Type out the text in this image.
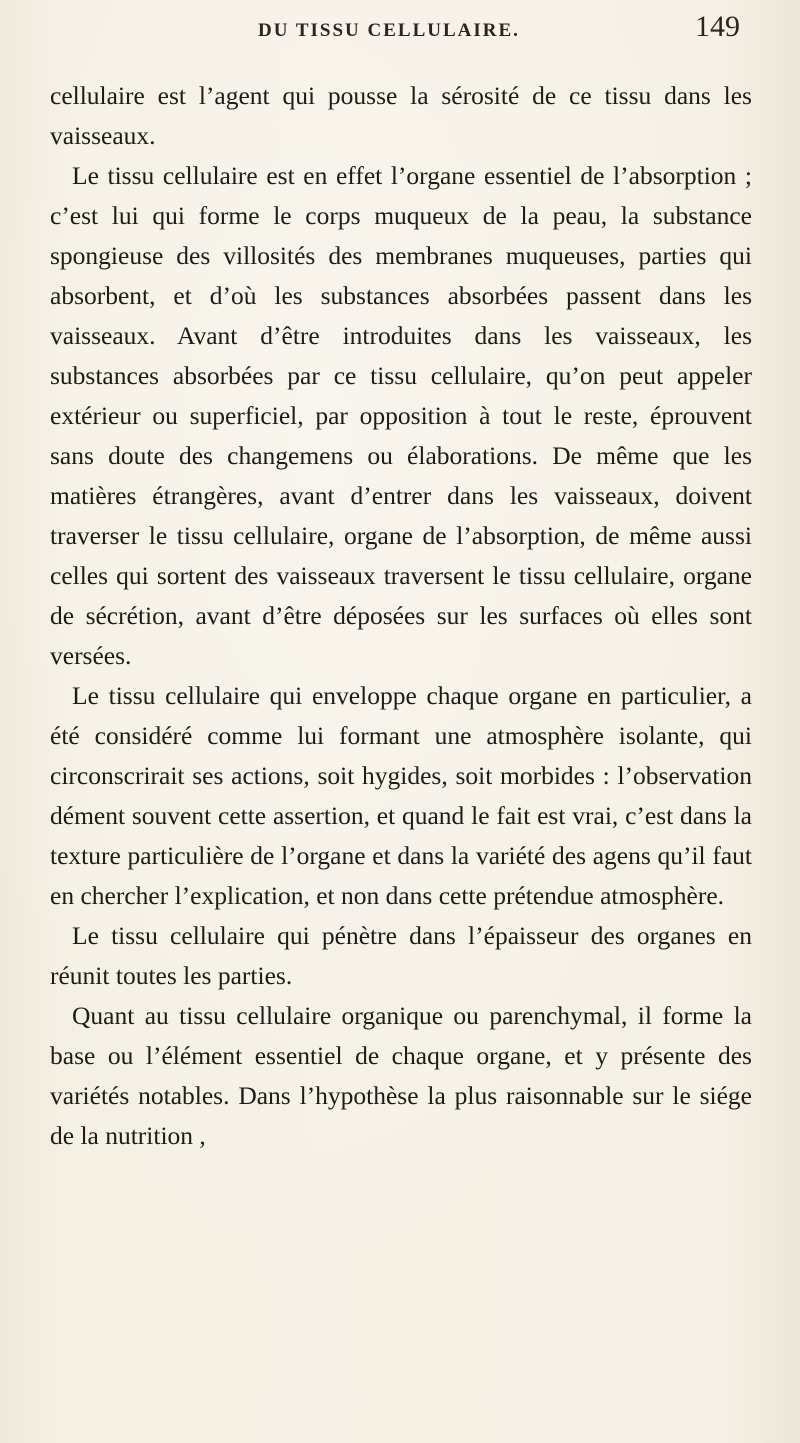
DU TISSU CELLULAIRE.	149

cellulaire est l’agent qui pousse la sérosité de ce tissu dans les vaisseaux.

Le tissu cellulaire est en effet l’organe essentiel de l’absorption ; c’est lui qui forme le corps muqueux de la peau, la substance spongieuse des villosités des membranes muqueuses, parties qui absorbent, et d’où les substances absorbées passent dans les vaisseaux. Avant d’être introduites dans les vaisseaux, les substances absorbées par ce tissu cellulaire, qu’on peut appeler extérieur ou superficiel, par opposition à tout le reste, éprouvent sans doute des changemens ou élaborations. De même que les matières étrangères, avant d’entrer dans les vaisseaux, doivent traverser le tissu cellulaire, organe de l’absorption, de même aussi celles qui sortent des vaisseaux traversent le tissu cellulaire, organe de sécrétion, avant d’être déposées sur les surfaces où elles sont versées.

Le tissu cellulaire qui enveloppe chaque organe en particulier, a été considéré comme lui formant une atmosphère isolante, qui circonscrirait ses actions, soit hygides, soit morbides : l’observation dément souvent cette assertion, et quand le fait est vrai, c’est dans la texture particulière de l’organe et dans la variété des agens qu’il faut en chercher l’explication, et non dans cette prétendue atmosphère.

Le tissu cellulaire qui pénètre dans l’épaisseur des organes en réunit toutes les parties.

Quant au tissu cellulaire organique ou parenchymal, il forme la base ou l’élément essentiel de chaque organe, et y présente des variétés notables. Dans l’hypothèse la plus raisonnable sur le siége de la nutrition ,
